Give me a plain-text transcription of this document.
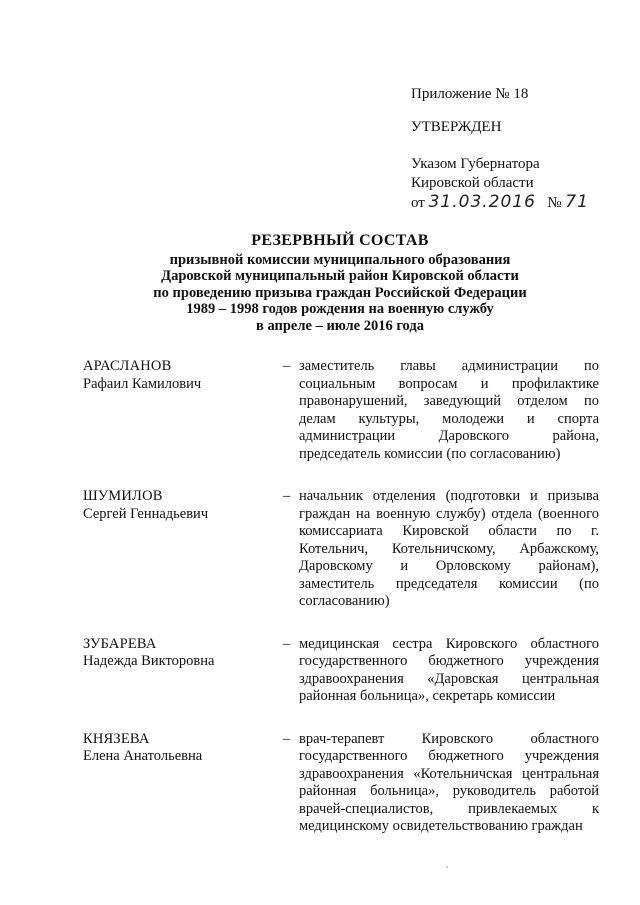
Приложение № 18
УТВЕРЖДЕН
Указом Губернатора
Кировской области
от 31.03.2016 № 71
РЕЗЕРВНЫЙ СОСТАВ
призывной комиссии муниципального образования
Даровской муниципальный район Кировской области
по проведению призыва граждан Российской Федерации
1989 – 1998 годов рождения на военную службу
в апреле – июле 2016 года
АРАСЛАНОВ
Рафаил Камилович
– заместитель главы администрации по социальным вопросам и профилактике правонарушений, заведующий отделом по делам культуры, молодежи и спорта администрации Даровского района, председатель комиссии (по согласованию)
ШУМИЛОВ
Сергей Геннадьевич
– начальник отделения (подготовки и призыва граждан на военную службу) отдела (военного комиссариата Кировской области по г. Котельнич, Котельничскому, Арбажскому, Даровскому и Орловскому районам), заместитель председателя комиссии (по согласованию)
ЗУБАРЕВА
Надежда Викторовна
– медицинская сестра Кировского областного государственного бюджетного учреждения здравоохранения «Даровская центральная районная больница», секретарь комиссии
КНЯЗЕВА
Елена Анатольевна
– врач-терапевт Кировского областного государственного бюджетного учреждения здравоохранения «Котельничская центральная районная больница», руководитель работой врачей-специалистов, привлекаемых к медицинскому освидетельствованию граждан
